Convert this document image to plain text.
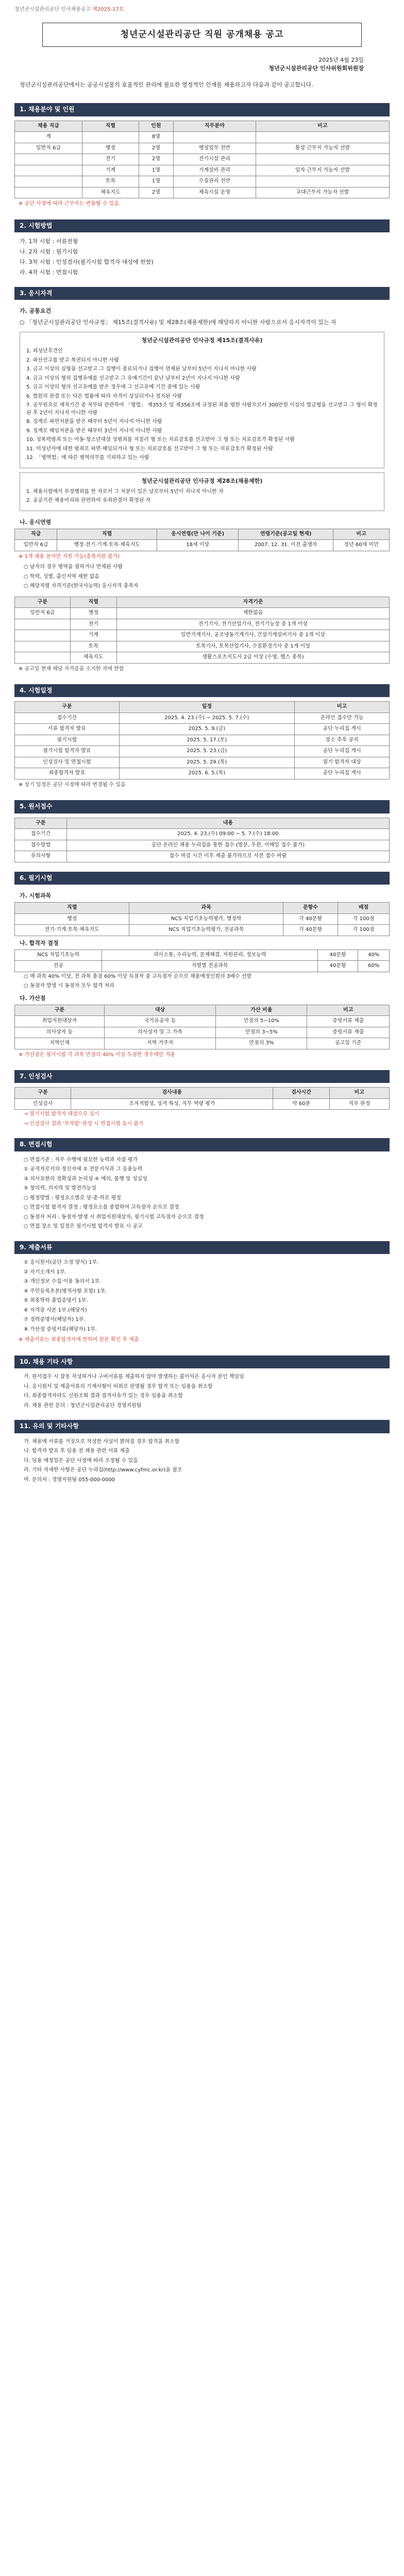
청년군시설관리공단 인사채용공고 제2025-17호
청년군시설관리공단 직원 공개채용 공고
2025년 4월 23일
청년군시설관리공단 인사위원회위원장
청년군시설관리공단에서는 공공시설물의 효율적인 관리에 필요한 열정적인 인재를 채용하고자 다음과 같이 공고합니다.
1. 채용분야 및 인원
채용 직급	직렬	인원	직무분야	비고
계		8명		
일반직 6급	행정	2명	행정업무 전반	통상 근무지 가능자 선발
	전기	2명	전기시설 관리	
	기계	1명	기계설비 관리	일자 근무지 가능자 선발
	토목	1명	수질관리 전반	
	체육지도	2명	체육시설 운영	교대근무지 가능자 선발
※ 공단 사정에 따라 근무지는 변동될 수 있음.
2. 시험방법

가. 1차 시험 : 서류전형

나. 2차 시험 : 필기시험

다. 3차 시험 : 인성검사(필기시험 합격자 대상에 한함)

라. 4차 시험 : 면접시험

3. 응시자격
가. 공통요건
○ 「청년군시설관리공단 인사규정」 제15조(결격사유) 및 제28조(채용제한)에 해당하지 아니한 사람으로서 응시자격이 있는 자
청년군시설관리공단 인사규정 제15조(결격사유)

1. 피성년후견인

2. 파산선고를 받고 복권되지 아니한 사람

3. 금고 이상의 실형을 선고받고 그 집행이 종료되거나 집행이 면제된 날부터 5년이 지나지 아니한 사람

4. 금고 이상의 형의 집행유예를 선고받고 그 유예기간이 끝난 날부터 2년이 지나지 아니한 사람

5. 금고 이상의 형의 선고유예를 받은 경우에 그 선고유예 기간 중에 있는 사람

6. 법원의 판결 또는 다른 법률에 따라 자격이 상실되거나 정지된 사람

7. 공무원으로 재직기간 중 직무와 관련하여 「형법」 제355조 및 제356조에 규정된 죄를 범한 사람으로서 300만원 이상의 벌금형을 선고받고 그 형이 확정된 후 2년이 지나지 아니한 사람

8. 징계로 파면처분을 받은 때부터 5년이 지나지 아니한 사람

9. 징계로 해임처분을 받은 때부터 3년이 지나지 아니한 사람

10. 성폭력범죄 또는 아동·청소년대상 성범죄를 저질러 형 또는 치료감호를 선고받아 그 형 또는 치료감호가 확정된 사람

11. 미성년자에 대한 범죄로 파면·해임되거나 형 또는 치료감호를 선고받아 그 형 또는 치료감호가 확정된 사람

12. 「병역법」에 따른 병역의무를 기피하고 있는 사람

청년군시설관리공단 인사규정 제28조(채용제한)

1. 채용시험에서 부정행위를 한 자로서 그 처분이 있은 날로부터 5년이 지나지 아니한 자

2. 공공기관 채용비리와 관련하여 유죄판결이 확정된 자

나. 응시연령
직급	직렬	응시연령(만 나이 기준)	연령기준(공고일 현재)	비고
일반직 6급	행정·전기·기계·토목·체육지도	18세 이상	2007. 12. 31. 이전 출생자	정년 60세 미만
※ 1개 채용 분야만 지원 가능(중복지원 불가)

○ 남자의 경우 병역을 필하거나 면제된 사람

○ 학력, 성별, 출신지역 제한 없음

○ 해당직렬 자격기준(한국사능력) 응시자격 충족자

구분	직렬	자격기준
일반직 6급	행정	제한없음
	전기	전기기사, 전기산업기사, 전기기능장 중 1개 이상
	기계	일반기계기사, 공조냉동기계기사, 건설기계설비기사 중 1개 이상
	토목	토목기사, 토목산업기사, 수질환경기사 중 1개 이상
	체육지도	생활스포츠지도사 2급 이상 (수영, 헬스 종목)
※ 공고일 현재 해당 자격증을 소지한 자에 한함
4. 시험일정
구분	일정	비고
접수기간	2025. 4. 23.(수) ~ 2025. 5. 7.(수)	온라인 접수만 가능
서류 합격자 발표	2025. 5. 9.(금)	공단 누리집 게시
필기시험	2025. 5. 17.(토)	장소 추후 공지
필기시험 합격자 발표	2025. 5. 23.(금)	공단 누리집 게시
인성검사 및 면접시험	2025. 5. 29.(목)	필기 합격자 대상
최종합격자 발표	2025. 6. 5.(목)	공단 누리집 게시
※ 상기 일정은 공단 사정에 따라 변경될 수 있음
5. 원서접수
구분	내용
접수기간	2025. 4. 23.(수) 09:00 ~ 5. 7.(수) 18:00
접수방법	공단 온라인 채용 누리집을 통한 접수 (방문, 우편, 이메일 접수 불가)
유의사항	접수 마감 시간 이후 제출 불가하므로 사전 접수 바람
6. 필기시험
가. 시험과목
직렬	과목	문항수	배점
행정	NCS 직업기초능력평가, 행정학	각 40문항	각 100점
전기·기계·토목·체육지도	NCS 직업기초능력평가, 전공과목	각 40문항	각 100점
나. 합격자 결정
NCS 직업기초능력	의사소통, 수리능력, 문제해결, 자원관리, 정보능력	40문항	40%
전공	직렬별 전공과목	40문항	60%

○ 매 과목 40% 이상, 전 과목 총점 60% 이상 득점자 중 고득점자 순으로 채용예정인원의 3배수 선발

○ 동점자 발생 시 동점자 모두 합격 처리

다. 가산점
구분	대상	가산 비율	비고
취업지원대상자	국가유공자 등	만점의 5~10%	증빙서류 제출
의사상자 등	의사상자 및 그 가족	만점의 3~5%	증빙서류 제출
지역인재	지역 거주자	만점의 3%	공고일 기준
※ 가산점은 필기시험 각 과목 만점의 40% 이상 득점한 경우에만 적용
7. 인성검사
구분	검사내용	검사시간	비고
인성검사	조직적합성, 성격 특성, 직무 역량 평가	약 60분	적부 판정

→ 필기시험 합격자 대상으로 실시

→ 인성검사 결과 '부적합' 판정 시 면접시험 응시 불가

8. 면접시험

○ 면접기준 : 직무 수행에 필요한 능력과 자질 평가

① 공직자로서의 정신자세 ② 전문지식과 그 응용능력

③ 의사표현의 정확성과 논리성 ④ 예의, 품행 및 성실성

⑤ 창의력, 의지력 및 발전가능성

○ 평정방법 : 평정요소별로 상·중·하로 평정

○ 면접시험 합격자 결정 : 평정요소를 종합하여 고득점자 순으로 결정

○ 동점자 처리 : 동점자 발생 시 취업지원대상자, 필기시험 고득점자 순으로 결정

○ 면접 장소 및 일정은 필기시험 합격자 발표 시 공고

9. 제출서류

① 응시원서(공단 소정 양식) 1부.

② 자기소개서 1부.

③ 개인정보 수집·이용 동의서 1부.

④ 주민등록초본(병적사항 포함) 1부.

⑤ 최종학력 졸업증명서 1부.

⑥ 자격증 사본 1부.(해당자)

⑦ 경력증명서(해당자) 1부.

⑧ 가산점 증빙서류(해당자) 1부.

※ 제출서류는 최종합격자에 한하여 원본 확인 후 제출
10. 채용 기타 사항

가. 원서접수 시 잘못 작성하거나 구비서류를 제출하지 않아 발생하는 불이익은 응시자 본인 책임임

나. 응시원서 및 제출서류의 기재사항이 허위로 판명될 경우 합격 또는 임용을 취소함

다. 최종합격자라도 신원조회 결과 결격사유가 있는 경우 임용을 취소함

라. 채용 관련 문의 : 청년군시설관리공단 경영지원팀

11. 유의 및 기타사항

가. 채용에 서류를 거짓으로 작성한 사실이 밝혀질 경우 합격을 취소함

나. 합격자 발표 후 임용 전 채용 관련 서류 제출

다. 임용 예정일은 공단 사정에 따라 조정될 수 있음

라. 기타 자세한 사항은 공단 누리집(http://www.cyfmc.or.kr)을 참조

마. 문의처 : 경영지원팀 055-000-0000
